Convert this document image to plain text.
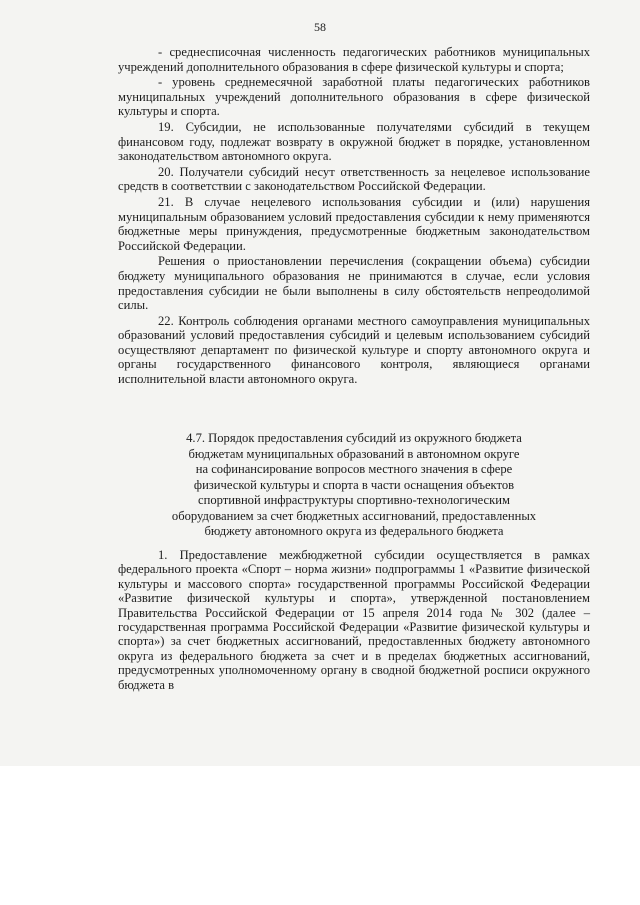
58

- среднесписочная численность педагогических работников муниципальных учреждений дополнительного образования в сфере физической культуры и спорта;

- уровень среднемесячной заработной платы педагогических работников муниципальных учреждений дополнительного образования в сфере физической культуры и спорта.

19. Субсидии, не использованные получателями субсидий в текущем финансовом году, подлежат возврату в окружной бюджет в порядке, установленном законодательством автономного округа.

20. Получатели субсидий несут ответственность за нецелевое использование средств в соответствии с законодательством Российской Федерации.

21. В случае нецелевого использования субсидии и (или) нарушения муниципальным образованием условий предоставления субсидии к нему применяются бюджетные меры принуждения, предусмотренные бюджетным законодательством Российской Федерации.

Решения о приостановлении перечисления (сокращении объема) субсидии бюджету муниципального образования не принимаются в случае, если условия предоставления субсидии не были выполнены в силу обстоятельств непреодолимой силы.

22. Контроль соблюдения органами местного самоуправления муниципальных образований условий предоставления субсидий и целевым использованием субсидий осуществляют департамент по физической культуре и спорту автономного округа и органы государственного финансового контроля, являющиеся органами исполнительной власти автономного округа.

4.7. Порядок предоставления субсидий из окружного бюджета
бюджетам муниципальных образований в автономном округе
на софинансирование вопросов местного значения в сфере
физической культуры и спорта в части оснащения объектов
спортивной инфраструктуры спортивно-технологическим
оборудованием за счет бюджетных ассигнований, предоставленных
бюджету автономного округа из федерального бюджета

1. Предоставление межбюджетной субсидии осуществляется в рамках федерального проекта «Спорт – норма жизни» подпрограммы 1 «Развитие физической культуры и массового спорта» государственной программы Российской Федерации «Развитие физической культуры и спорта», утвержденной постановлением Правительства Российской Федерации от 15 апреля 2014 года № 302 (далее – государственная программа Российской Федерации «Развитие физической культуры и спорта») за счет бюджетных ассигнований, предоставленных бюджету автономного округа из федерального бюджета за счет и в пределах бюджетных ассигнований, предусмотренных уполномоченному органу в сводной бюджетной росписи окружного бюджета в
